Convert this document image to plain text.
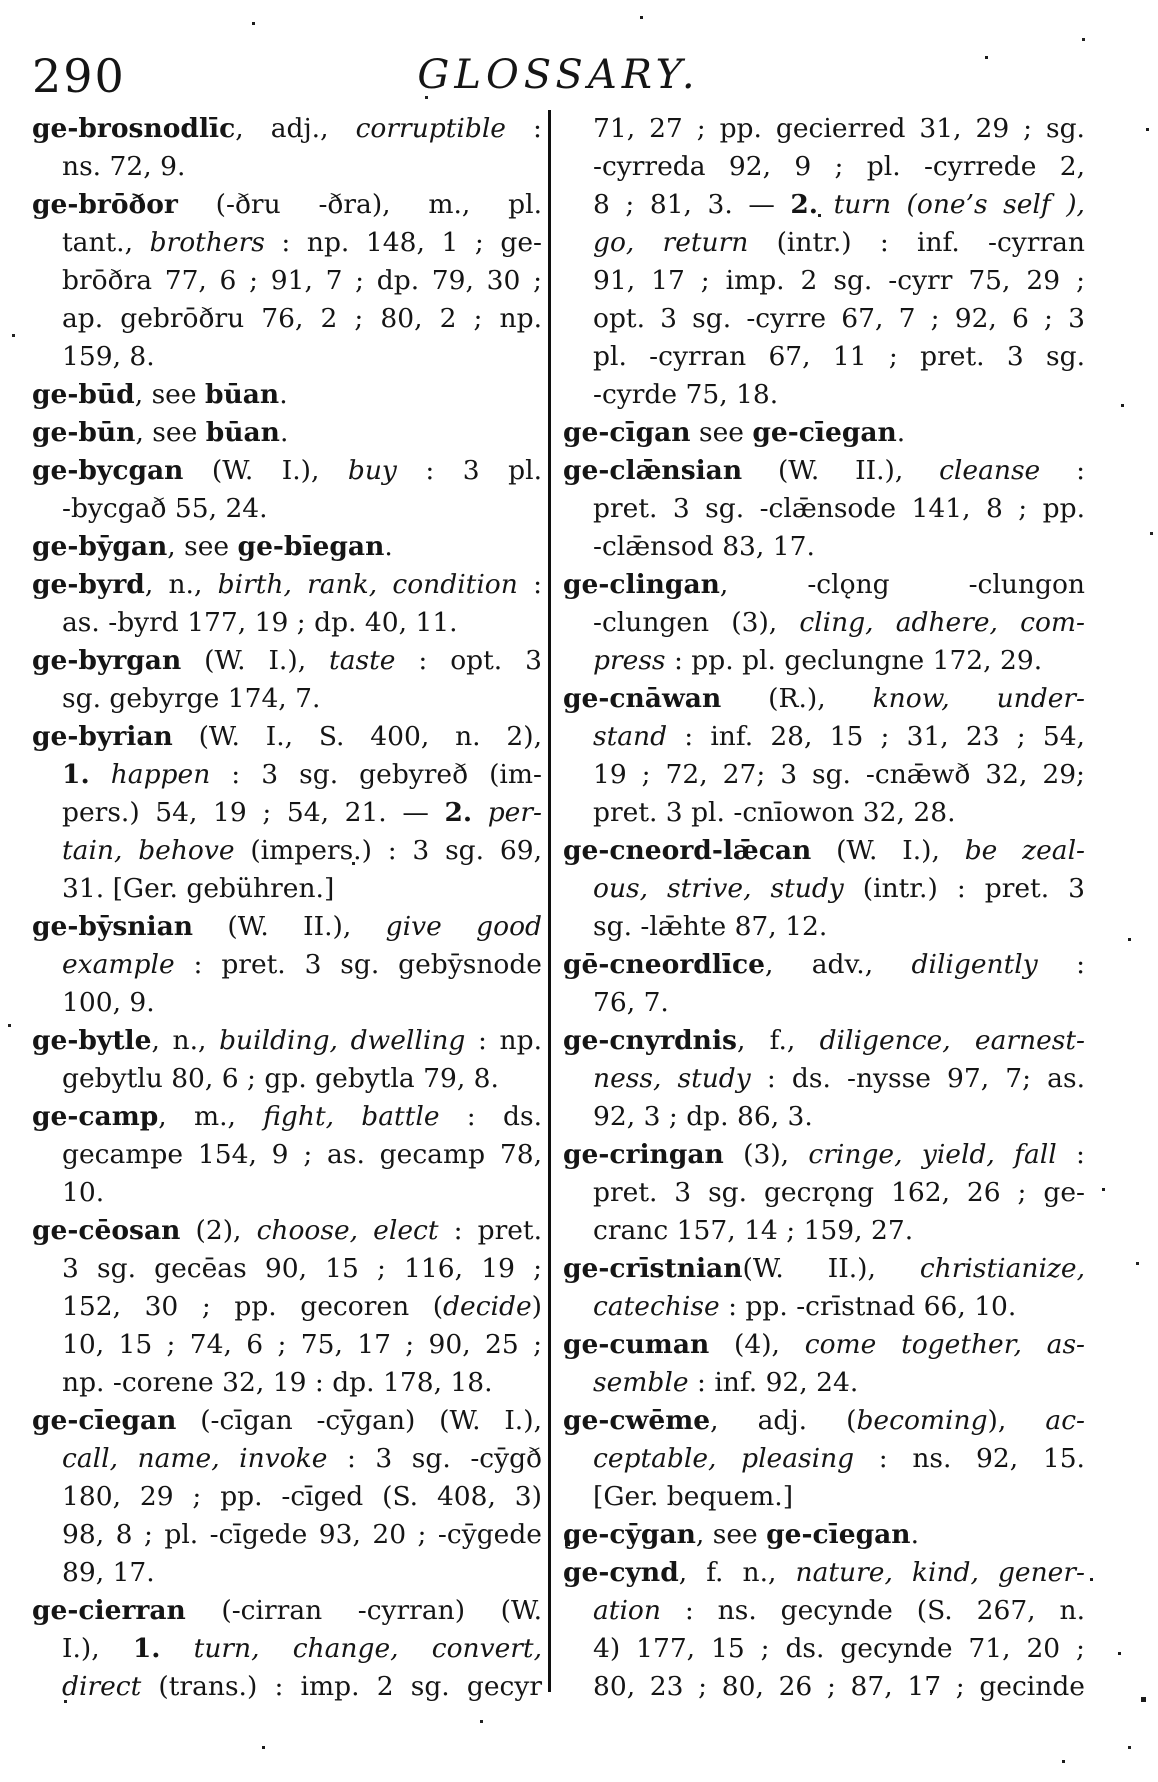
290	GLOSSARY.
ge-brosnodlīc, adj., corruptible :
ns. 72, 9.
ge-brōðor (-ðru -ðra), m., pl.
tant., brothers : np. 148, 1 ; ge-
brōðra 77, 6 ; 91, 7 ; dp. 79, 30 ;
ap. gebrōðru 76, 2 ; 80, 2 ; np.
159, 8.
ge-būd, see būan.
ge-būn, see būan.
ge-bycgan (W. I.), buy : 3 pl.
-bycgað 55, 24.
ge-bȳgan, see ge-bīegan.
ge-byrd, n., birth, rank, condition :
as. -byrd 177, 19 ; dp. 40, 11.
ge-byrgan (W. I.), taste : opt. 3
sg. gebyrge 174, 7.
ge-byrian (W. I., S. 400, n. 2),
1. happen : 3 sg. gebyreð (im-
pers.) 54, 19 ; 54, 21. — 2. per-
tain, behove (impers.) : 3 sg. 69,
31. [Ger. gebühren.]
ge-bȳsnian (W. II.), give good
example : pret. 3 sg. gebȳsnode
100, 9.
ge-bytle, n., building, dwelling : np.
gebytlu 80, 6 ; gp. gebytla 79, 8.
ge-camp, m., fight, battle : ds.
gecampe 154, 9 ; as. gecamp 78,
10.
ge-cēosan (2), choose, elect : pret.
3 sg. gecēas 90, 15 ; 116, 19 ;
152, 30 ; pp. gecoren (decide)
10, 15 ; 74, 6 ; 75, 17 ; 90, 25 ;
np. -corene 32, 19 : dp. 178, 18.
ge-cīegan (-cīgan -cȳgan) (W. I.),
call, name, invoke : 3 sg. -cȳgð
180, 29 ; pp. -cīged (S. 408, 3)
98, 8 ; pl. -cīgede 93, 20 ; -cȳgede
89, 17.
ge-cierran (-cirran -cyrran) (W.
I.), 1. turn, change, convert,
direct (trans.) : imp. 2 sg. gecyr
71, 27 ; pp. gecierred 31, 29 ; sg.
-cyrreda 92, 9 ; pl. -cyrrede 2,
8 ; 81, 3. — 2. turn (one’s self ),
go, return (intr.) : inf. -cyrran
91, 17 ; imp. 2 sg. -cyrr 75, 29 ;
opt. 3 sg. -cyrre 67, 7 ; 92, 6 ; 3
pl. -cyrran 67, 11 ; pret. 3 sg.
-cyrde 75, 18.
ge-cīgan see ge-cīegan.
ge-clǣnsian (W. II.), cleanse :
pret. 3 sg. -clǣnsode 141, 8 ; pp.
-clǣnsod 83, 17.
ge-clingan, -clǫng -clungon
-clungen (3), cling, adhere, com-
press : pp. pl. geclungne 172, 29.
ge-cnāwan (R.), know, under-
stand : inf. 28, 15 ; 31, 23 ; 54,
19 ; 72, 27; 3 sg. -cnǣwð 32, 29;
pret. 3 pl. -cnīowon 32, 28.
ge-cneord-lǣcan (W. I.), be zeal-
ous, strive, study (intr.) : pret. 3
sg. -lǣhte 87, 12.
gē-cneordlīce, adv., diligently :
76, 7.
ge-cnyrdnis, f., diligence, earnest-
ness, study : ds. -nysse 97, 7; as.
92, 3 ; dp. 86, 3.
ge-cringan (3), cringe, yield, fall :
pret. 3 sg. gecrǫng 162, 26 ; ge-
cranc 157, 14 ; 159, 27.
ge-crīstnian(W. II.), christianize,
catechise : pp. -crīstnad 66, 10.
ge-cuman (4), come together, as-
semble : inf. 92, 24.
ge-cwēme, adj. (becoming), ac-
ceptable, pleasing : ns. 92, 15.
[Ger. bequem.]
ge-cȳgan, see ge-cīegan.
ge-cynd, f. n., nature, kind, gener-
ation : ns. gecynde (S. 267, n.
4) 177, 15 ; ds. gecynde 71, 20 ;
80, 23 ; 80, 26 ; 87, 17 ; gecinde
